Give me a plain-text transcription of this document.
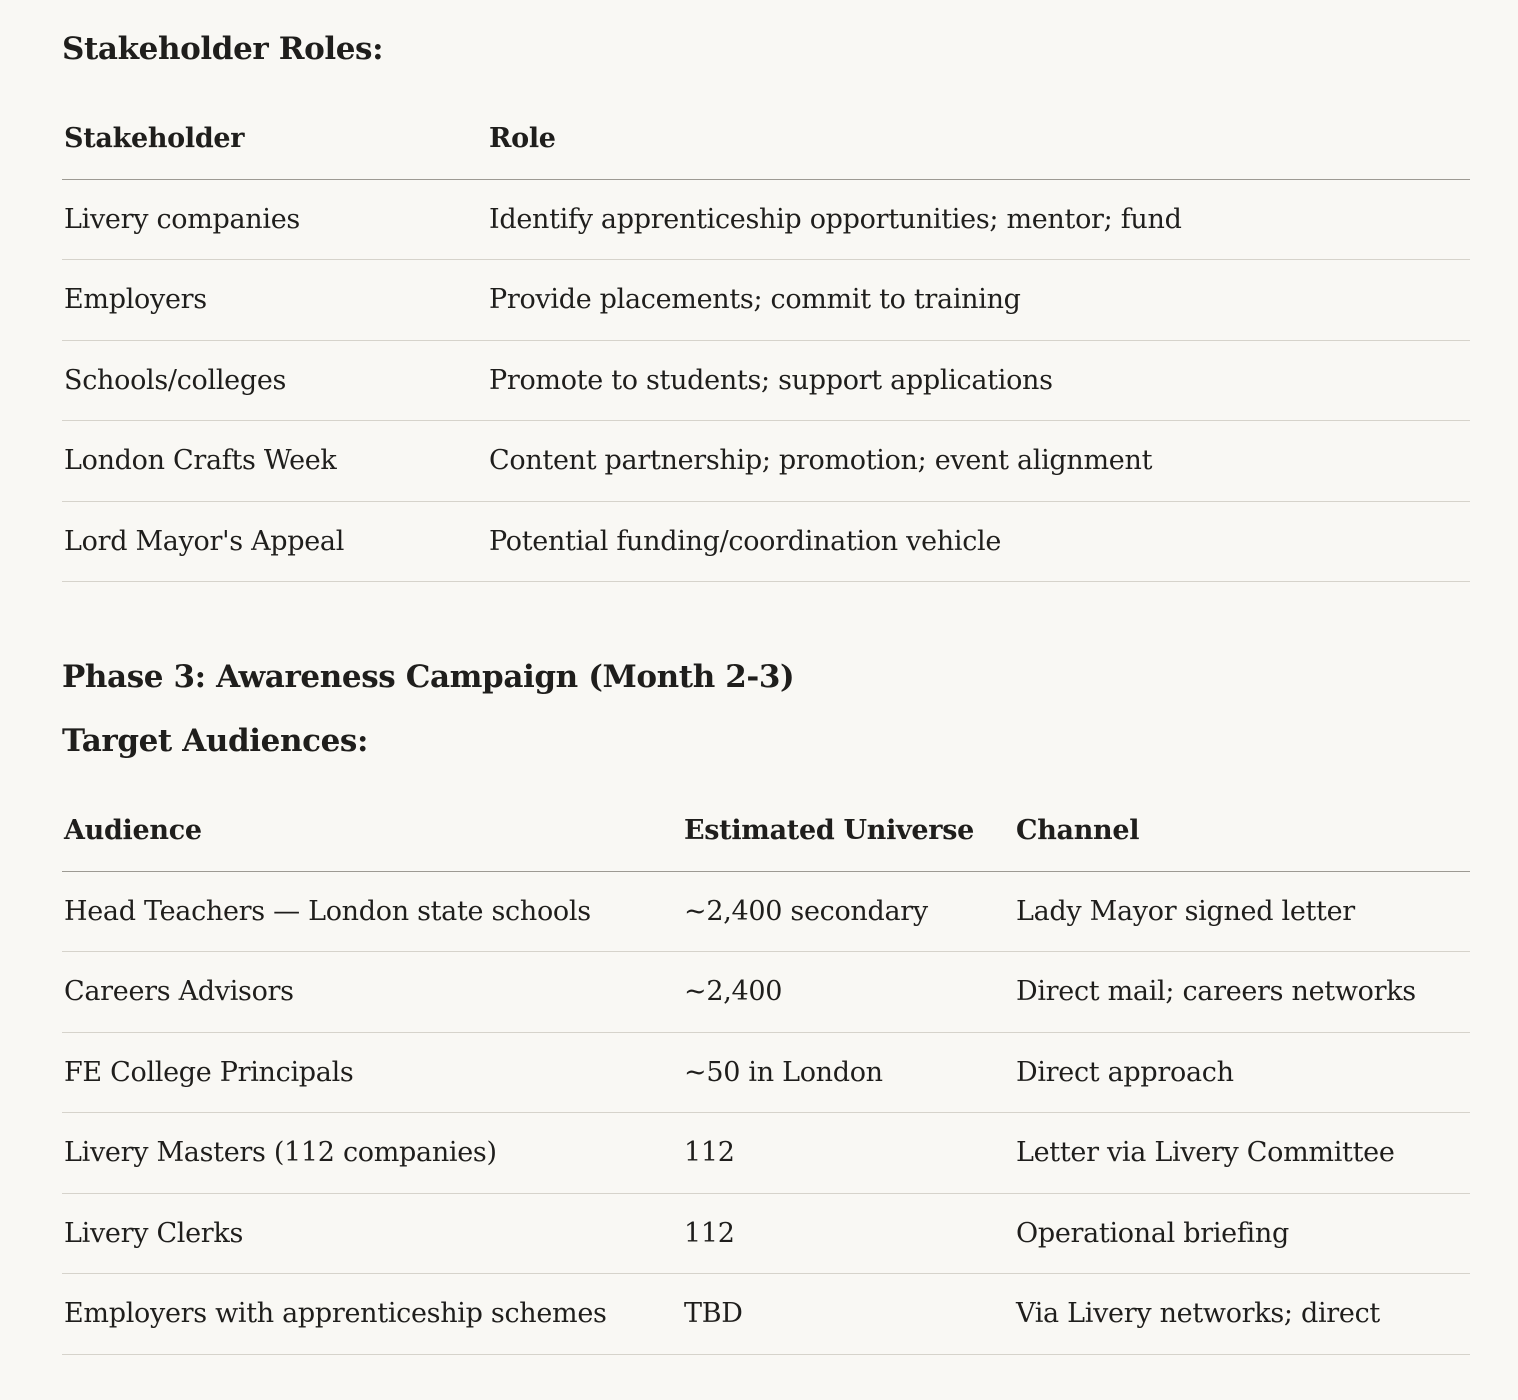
Stakeholder Roles:
Stakeholder	Role
Livery companies	Identify apprenticeship opportunities; mentor; fund
Employers	Provide placements; commit to training
Schools/colleges	Promote to students; support applications
London Crafts Week	Content partnership; promotion; event alignment
Lord Mayor's Appeal	Potential funding/coordination vehicle
Phase 3: Awareness Campaign (Month 2-3)
Target Audiences:
Audience	Estimated Universe	Channel
Head Teachers — London state schools	~2,400 secondary	Lady Mayor signed letter
Careers Advisors	~2,400	Direct mail; careers networks
FE College Principals	~50 in London	Direct approach
Livery Masters (112 companies)	112	Letter via Livery Committee
Livery Clerks	112	Operational briefing
Employers with apprenticeship schemes	TBD	Via Livery networks; direct
